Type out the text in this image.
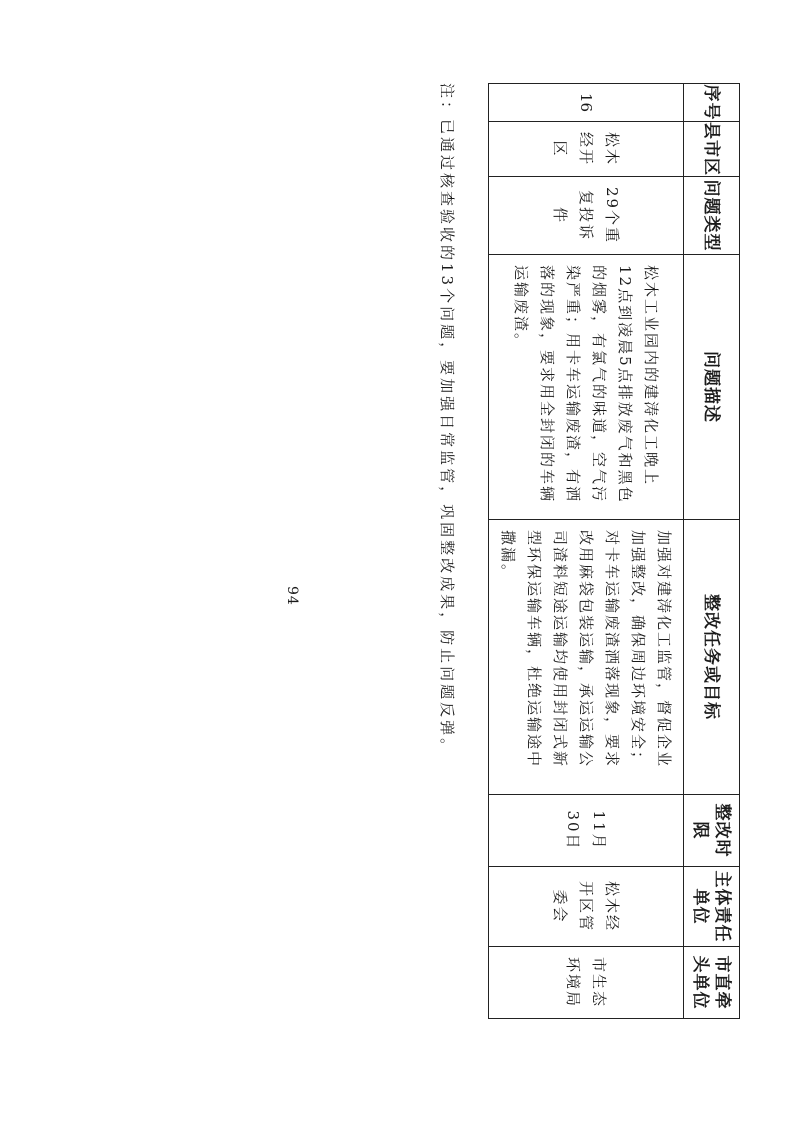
序号	县市区	问题类型	问题描述	整改任务或目标	整改时限	主体责任单位	市直牵头单位
16	松木经开区	29个重复投诉件	松木工业园内的建涛化工晚上12点到凌晨5点排放废气和黑色的烟雾，有氯气的味道，空气污染严重；用卡车运输废渣，有洒落的现象，要求用全封闭的车辆运输废渣。	加强对建涛化工监管，督促企业加强整改，确保周边环境安全；对卡车运输废渣洒落现象，要求改用麻袋包装运输，承运运输公司渣料短途运输均使用封闭式新型环保运输车辆，杜绝运输途中撒漏。	11月30日	松木经开区管委会	市生态环境局
注：已通过核查验收的13个问题，要加强日常监管，巩固整改成果，防止问题反弹。
94
